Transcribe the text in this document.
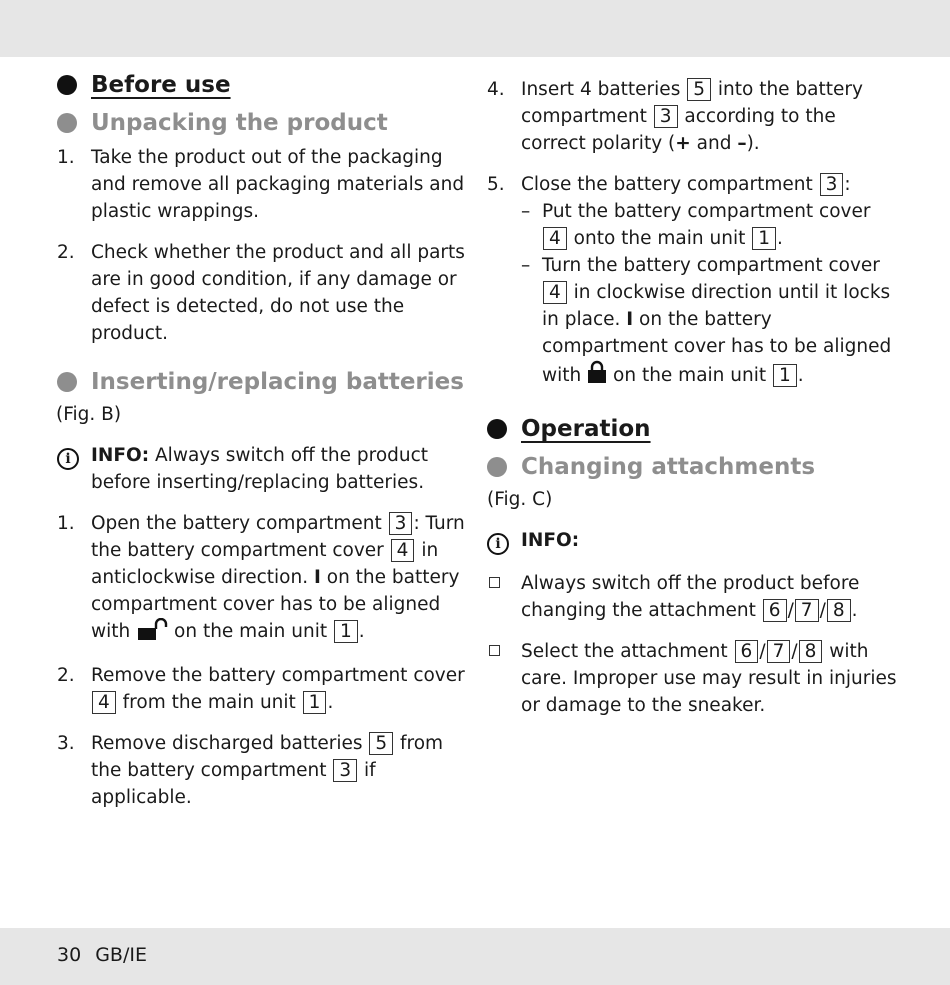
Before use
Unpacking the product
1. Take the product out of the packaging and remove all packaging materials and plastic wrappings.
2. Check whether the product and all parts are in good condition, if any damage or defect is detected, do not use the product.
Inserting/replacing batteries
(Fig. B)
i	INFO: Always switch off the product before inserting/replacing batteries.
1. Open the battery compartment 3 : Turn the battery compartment cover 4 in anticlockwise direction. I on the battery compartment cover has to be aligned with  on the main unit 1 .
2. Remove the battery compartment cover 4 from the main unit 1 .
3. Remove discharged batteries 5 from the battery compartment 3 if applicable.
4. Insert 4 batteries 5 into the battery compartment 3 according to the correct polarity (+ and –).
5. Close the battery compartment 3 :
– Put the battery compartment cover 4 onto the main unit 1 .
– Turn the battery compartment cover 4 in clockwise direction until it locks in place. I on the battery compartment cover has to be aligned with  on the main unit 1 .
Operation
Changing attachments
(Fig. C)
i	INFO:
Always switch off the product before changing the attachment 6 / 7 / 8 .
Select the attachment 6 / 7 / 8 with care. Improper use may result in injuries or damage to the sneaker.
30 GB/IE
